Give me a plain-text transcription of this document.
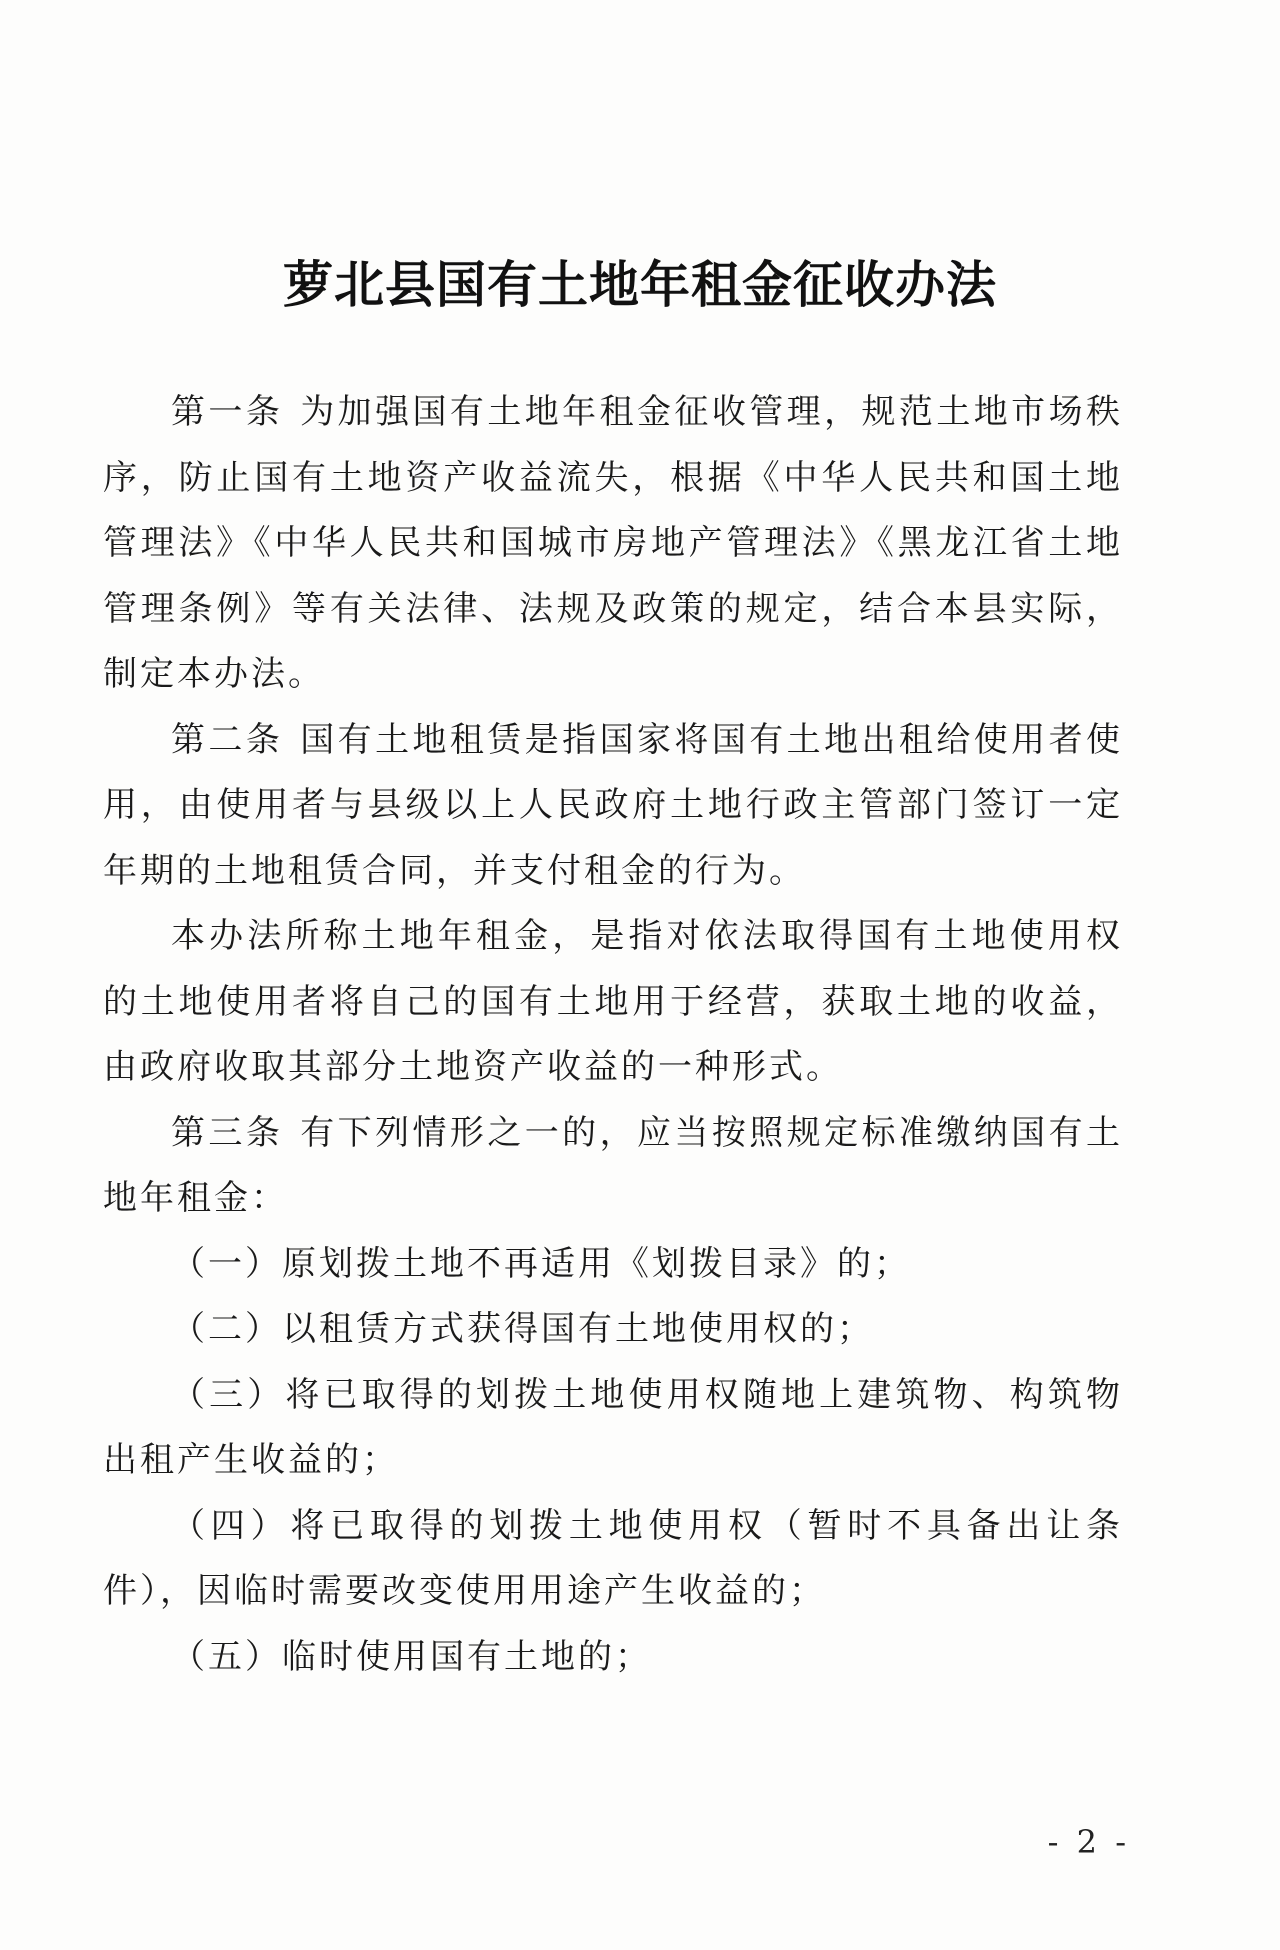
萝北县国有土地年租金征收办法

第一条 为加强国有土地年租金征收管理，规范土地市场秩序，防止国有土地资产收益流失，根据《中华人民共和国土地管理法》《中华人民共和国城市房地产管理法》《黑龙江省土地管理条例》等有关法律、法规及政策的规定，结合本县实际，制定本办法。

第二条 国有土地租赁是指国家将国有土地出租给使用者使用，由使用者与县级以上人民政府土地行政主管部门签订一定年期的土地租赁合同，并支付租金的行为。

本办法所称土地年租金，是指对依法取得国有土地使用权的土地使用者将自己的国有土地用于经营，获取土地的收益，由政府收取其部分土地资产收益的一种形式。

第三条 有下列情形之一的，应当按照规定标准缴纳国有土地年租金：

（一）原划拨土地不再适用《划拨目录》的；

（二）以租赁方式获得国有土地使用权的；

（三）将已取得的划拨土地使用权随地上建筑物、构筑物出租产生收益的；

（四）将已取得的划拨土地使用权（暂时不具备出让条件），因临时需要改变使用用途产生收益的；

（五）临时使用国有土地的；

- 2 -
